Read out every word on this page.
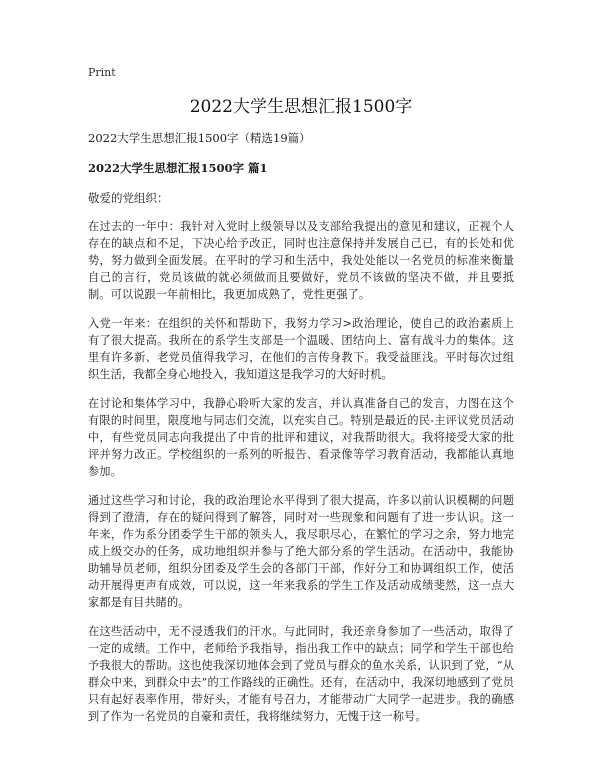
Print
2022大学生思想汇报1500字
2022大学生思想汇报1500字（精选19篇）
2022大学生思想汇报1500字 篇1
敬爱的党组织：

在过去的一年中：我针对入党时上级领导以及支部给我提出的意见和建议，正视个人存在的缺点和不足，下决心给予改正，同时也注意保持并发展自己已，有的长处和优势，努力做到全面发展。在平时的学习和生活中，我处处能以一名党员的标准来衡量自己的言行，党员该做的就必须做而且要做好，党员不该做的坚决不做，并且要抵制。可以说跟一年前相比，我更加成熟了，党性更强了。

入党一年来：在组织的关怀和帮助下，我努力学习>政治理论，使自己的政治素质上有了很大提高。我所在的系学生支部是一个温暖、团结向上、富有战斗力的集体。这里有许多新、老党员值得我学习，在他们的言传身教下。我受益匪浅。平时每次过组织生活，我都全身心地投入，我知道这是我学习的大好时机。

在讨论和集体学习中，我静心聆听大家的发言，并认真准备自己的发言，力图在这个有限的时间里，限度地与同志们交流，以充实自己。特别是最近的民-主评议党员活动中，有些党员同志向我提出了中肯的批评和建议，对我帮助很大。我将接受大家的批评并努力改正。学校组织的一系列的听报告、看录像等学习教育活动，我都能认真地参加。

通过这些学习和讨论，我的政治理论水平得到了很大提高，许多以前认识模糊的问题得到了澄清，存在的疑问得到了解答，同时对一些现象和问题有了进一步认识。这一年来，作为系分团委学生干部的领头人，我尽职尽心，在繁忙的学习之余，努力地完成上级交办的任务，成功地组织并参与了绝大部分系的学生活动。在活动中，我能协助辅导员老师，组织分团委及学生会的各部门干部，作好分工和协调组织工作，使活动开展得更声有成效，可以说，这一年来我系的学生工作及活动成绩斐然，这一点大家都是有目共睹的。

在这些活动中，无不浸透我们的汗水。与此同时，我还亲身参加了一些活动，取得了一定的成绩。工作中，老师给予我指导，指出我工作中的缺点；同学和学生干部也给予我很大的帮助。这也使我深切地体会到了党员与群众的鱼水关系，认识到了党，“从群众中来，到群众中去”的工作路线的正确性。还有，在活动中，我深切地感到了党员只有起好表率作用，带好头，才能有号召力，才能带动广大同学一起进步。我的确感到了作为一名党员的自豪和责任，我将继续努力，无愧于这一称号。
